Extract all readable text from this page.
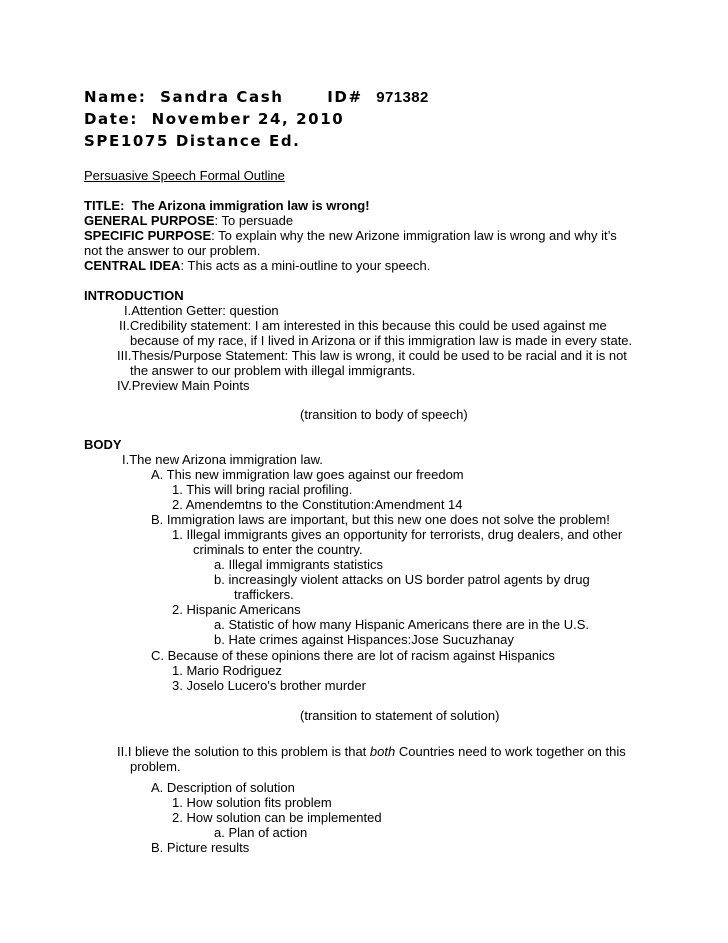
Name: Sandra Cash	ID# 971382
Date: November 24, 2010
SPE1075 Distance Ed.
Persuasive Speech Formal Outline
TITLE:  The Arizona immigration law is wrong!
GENERAL PURPOSE: To persuade
SPECIFIC PURPOSE: To explain why the new Arizone immigration law is wrong and why it’s
not the answer to our problem.
CENTRAL IDEA: This acts as a mini-outline to your speech.
INTRODUCTION
I.Attention Getter: question
II.Credibility statement: I am interested in this because this could be used against me
because of my race, if I lived in Arizona or if this immigration law is made in every state.
III.Thesis/Purpose Statement: This law is wrong, it could be used to be racial and it is not
the answer to our problem with illegal immigrants.
IV.Preview Main Points
(transition to body of speech)
BODY
I.The new Arizona immigration law.
A. This new immigration law goes against our freedom
1. This will bring racial profiling.
2. Amendemtns to the Constitution:Amendment 14
B. Immigration laws are important, but this new one does not solve the problem!
1. Illegal immigrants gives an opportunity for terrorists, drug dealers, and other
criminals to enter the country.
a. Illegal immigrants statistics
b. increasingly violent attacks on US border patrol agents by drug
traffickers.
2. Hispanic Americans
a. Statistic of how many Hispanic Americans there are in the U.S.
b. Hate crimes against Hispances:Jose Sucuzhanay
C. Because of these opinions there are lot of racism against Hispanics
1. Mario Rodriguez
3. Joselo Lucero's brother murder
(transition to statement of solution)
II.I blieve the solution to this problem is that both Countries need to work together on this
problem.
A. Description of solution
1. How solution fits problem
2. How solution can be implemented
a. Plan of action
B. Picture results
